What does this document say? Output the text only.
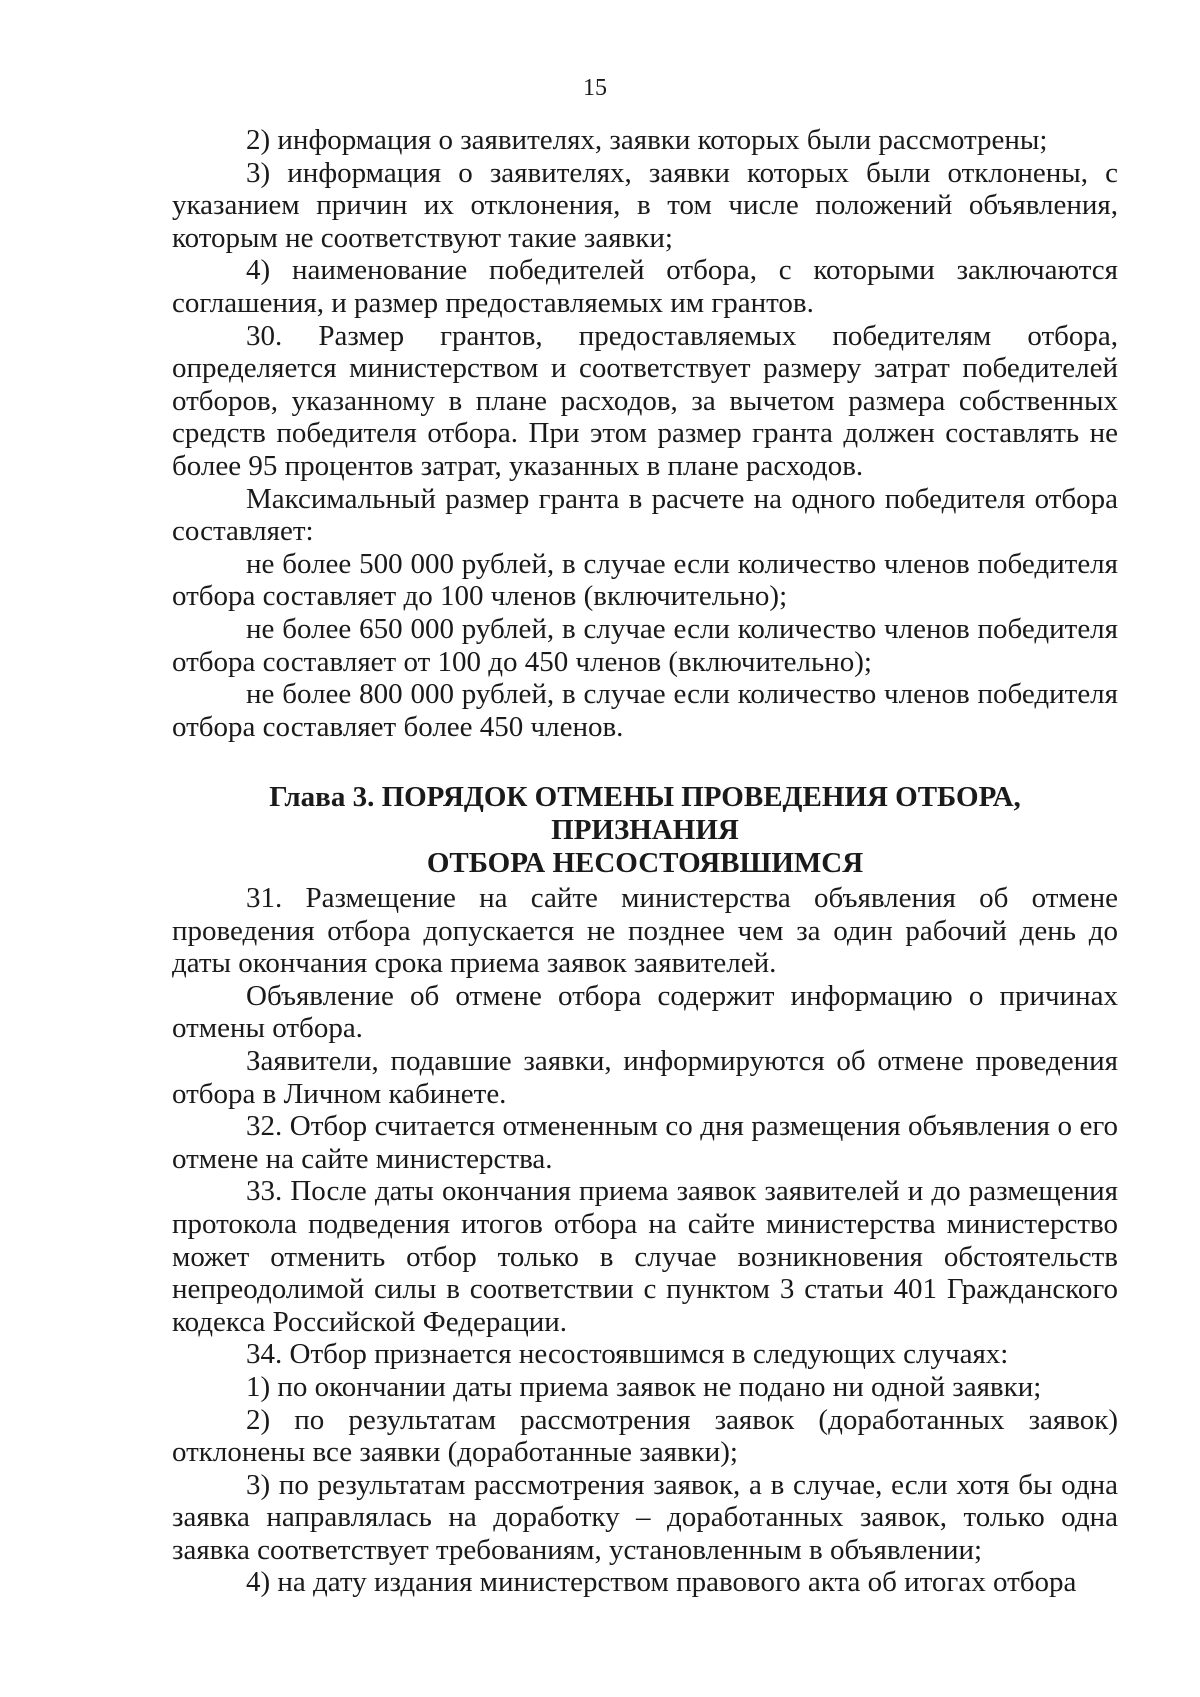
15

2) информация о заявителях, заявки которых были рассмотрены;

3) информация о заявителях, заявки которых были отклонены, с указанием причин их отклонения, в том числе положений объявления, которым не соответствуют такие заявки;

4) наименование победителей отбора, с которыми заключаются соглашения, и размер предоставляемых им грантов.

30. Размер грантов, предоставляемых победителям отбора, определяется министерством и соответствует размеру затрат победителей отборов, указанному в плане расходов, за вычетом размера собственных средств победителя отбора. При этом размер гранта должен составлять не более 95 процентов затрат, указанных в плане расходов.

Максимальный размер гранта в расчете на одного победителя отбора составляет:

не более 500 000 рублей, в случае если количество членов победителя отбора составляет до 100 членов (включительно);

не более 650 000 рублей, в случае если количество членов победителя отбора составляет от 100 до 450 членов (включительно);

не более 800 000 рублей, в случае если количество членов победителя отбора составляет более 450 членов.

Глава 3. ПОРЯДОК ОТМЕНЫ ПРОВЕДЕНИЯ ОТБОРА, ПРИЗНАНИЯ
ОТБОРА НЕСОСТОЯВШИМСЯ

31. Размещение на сайте министерства объявления об отмене проведения отбора допускается не позднее чем за один рабочий день до даты окончания срока приема заявок заявителей.

Объявление об отмене отбора содержит информацию о причинах отмены отбора.

Заявители, подавшие заявки, информируются об отмене проведения отбора в Личном кабинете.

32. Отбор считается отмененным со дня размещения объявления о его отмене на сайте министерства.

33. После даты окончания приема заявок заявителей и до размещения протокола подведения итогов отбора на сайте министерства министерство может отменить отбор только в случае возникновения обстоятельств непреодолимой силы в соответствии с пунктом 3 статьи 401 Гражданского кодекса Российской Федерации.

34. Отбор признается несостоявшимся в следующих случаях:

1) по окончании даты приема заявок не подано ни одной заявки;

2) по результатам рассмотрения заявок (доработанных заявок) отклонены все заявки (доработанные заявки);

3) по результатам рассмотрения заявок, а в случае, если хотя бы одна заявка направлялась на доработку – доработанных заявок, только одна заявка соответствует требованиям, установленным в объявлении;

4) на дату издания министерством правового акта об итогах отбора
